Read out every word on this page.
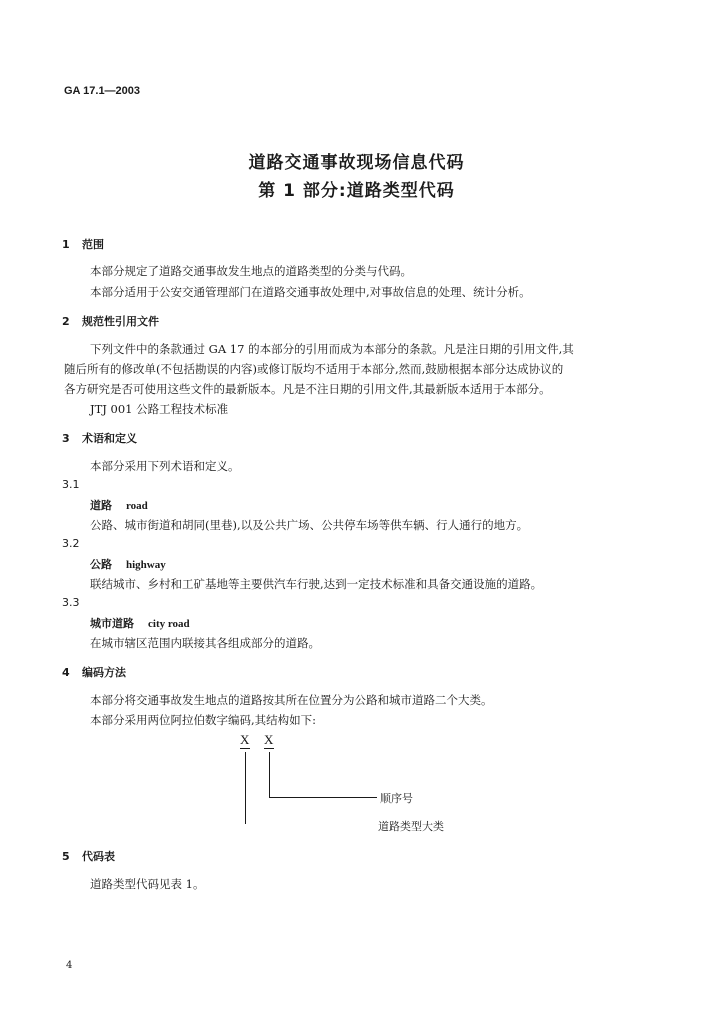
GA 17.1—2003
道路交通事故现场信息代码
第 1 部分:道路类型代码
1 范围
本部分规定了道路交通事故发生地点的道路类型的分类与代码。
本部分适用于公安交通管理部门在道路交通事故处理中,对事故信息的处理、统计分析。
2 规范性引用文件
下列文件中的条款通过 GA 17 的本部分的引用而成为本部分的条款。凡是注日期的引用文件,其
随后所有的修改单(不包括勘误的内容)或修订版均不适用于本部分,然而,鼓励根据本部分达成协议的
各方研究是否可使用这些文件的最新版本。凡是不注日期的引用文件,其最新版本适用于本部分。
JTJ 001 公路工程技术标准
3 术语和定义
本部分采用下列术语和定义。
3.1
道路 road
公路、城市街道和胡同(里巷),以及公共广场、公共停车场等供车辆、行人通行的地方。
3.2
公路 highway
联结城市、乡村和工矿基地等主要供汽车行驶,达到一定技术标准和具备交通设施的道路。
3.3
城市道路 city road
在城市辖区范围内联接其各组成部分的道路。
4 编码方法
本部分将交通事故发生地点的道路按其所在位置分为公路和城市道路二个大类。
本部分采用两位阿拉伯数字编码,其结构如下:
X X
顺序号
道路类型大类
5 代码表
道路类型代码见表 1。
4
